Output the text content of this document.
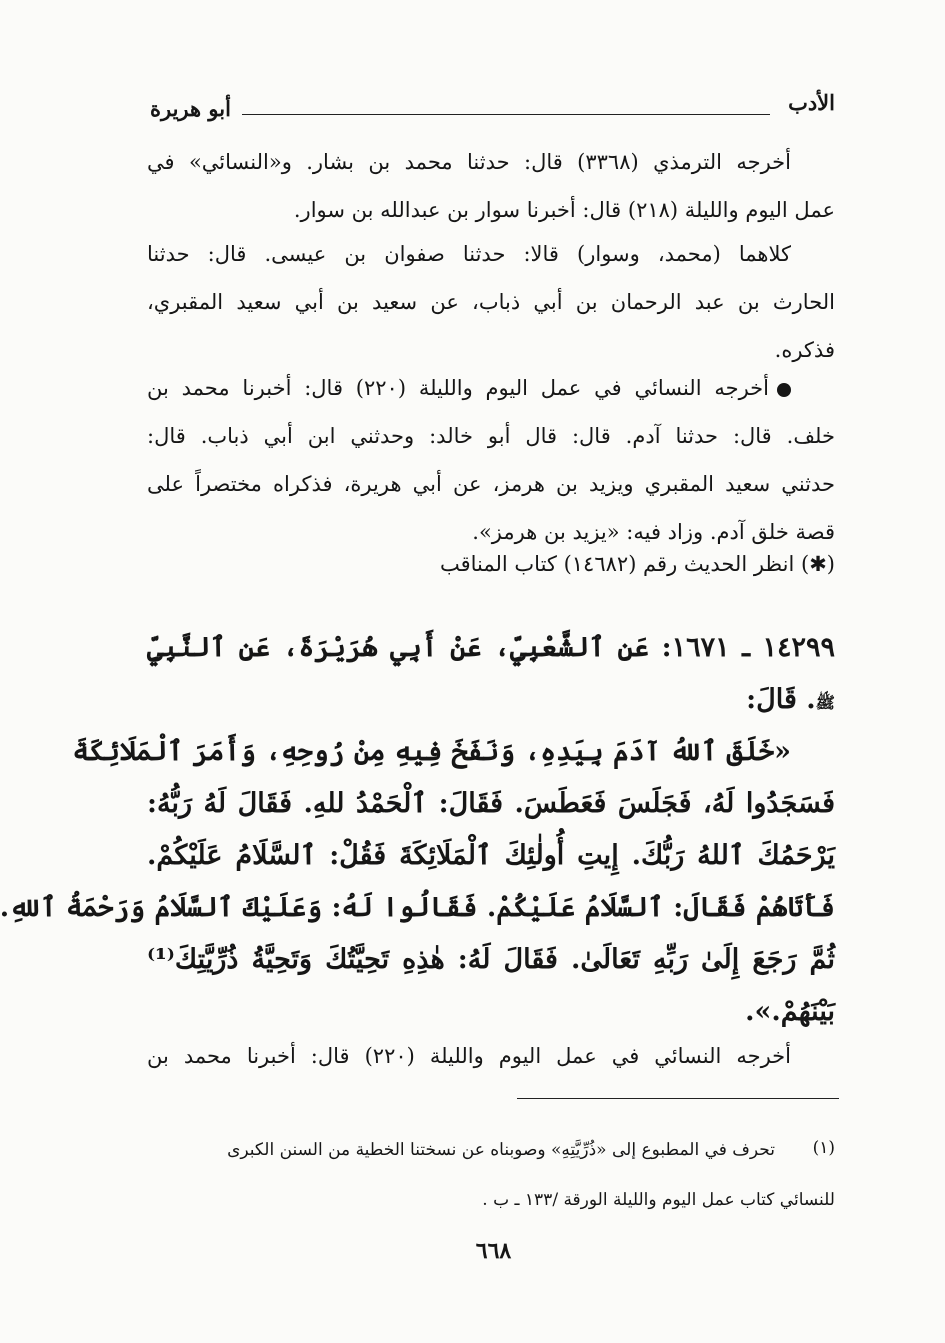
الأدب
أبو هريرة
أخرجه الترمذي (٣٣٦٨) قال: حدثنا محمد بن بشار. و«النسائي» في
عمل اليوم والليلة (٢١٨) قال: أخبرنا سوار بن عبدالله بن سوار.
كلاهما (محمد، وسوار) قالا: حدثنا صفوان بن عيسى. قال: حدثنا
الحارث بن عبد الرحمان بن أبي ذباب، عن سعيد بن أبي سعيد المقبري،
فذكره.
أخرجه النسائي في عمل اليوم والليلة (٢٢٠) قال: أخبرنا محمد بن
خلف. قال: حدثنا آدم. قال: قال أبو خالد: وحدثني ابن أبي ذباب. قال:
حدثني سعيد المقبري ويزيد بن هرمز، عن أبي هريرة، فذكراه مختصراً على
قصة خلق آدم. وزاد فيه: «يزيد بن هرمز».
(✱) انظر الحديث رقم (١٤٦٨٢) كتاب المناقب
١٤٢٩٩ ـ ١٦٧١: عَنِ ٱلشَّعْبِيِّ، عَنْ أَبِي هُرَيْرَةَ، عَنِ ٱلنَّبِيِّ
ﷺ. قَالَ:
«خَلَقَ ٱللهُ آدَمَ بِيَدِهِ، وَنَفَخَ فِيهِ مِنْ رُوحِهِ، وَأَمَرَ ٱلْمَلَائِكَةَ
فَسَجَدُوا لَهُ، فَجَلَسَ فَعَطَسَ. فَقَالَ: ٱلْحَمْدُ للهِ. فَقَالَ لَهُ رَبُّهُ:
يَرْحَمُكَ ٱللهُ رَبُّكَ. إِيتِ أُولٰئِكَ ٱلْمَلَائِكَةَ فَقُلْ: ٱلسَّلَامُ عَلَيْكُمْ.
فَأَتَاهُمْ فَقَالَ: ٱلسَّلَامُ عَلَيْكُمْ. فَقَالُوا لَهُ: وَعَلَيْكَ ٱلسَّلَامُ وَرَحْمَةُ ٱللهِ.
ثُمَّ رَجَعَ إِلَىٰ رَبِّهِ تَعَالَىٰ. فَقَالَ لَهُ: هٰذِهِ تَحِيَّتُكَ وَتَحِيَّةُ ذُرِّيَّتِكَ⁽¹⁾
بَيْنَهُمْ.».
أخرجه النسائي في عمل اليوم والليلة (٢٢٠) قال: أخبرنا محمد بن
(١)
تحرف في المطبوع إلى «ذُرِّيَّتِهِ» وصوبناه عن نسختنا الخطية من السنن الكبرى
للنسائي كتاب عمل اليوم والليلة الورقة /١٣٣ ـ ب .
٦٦٨
